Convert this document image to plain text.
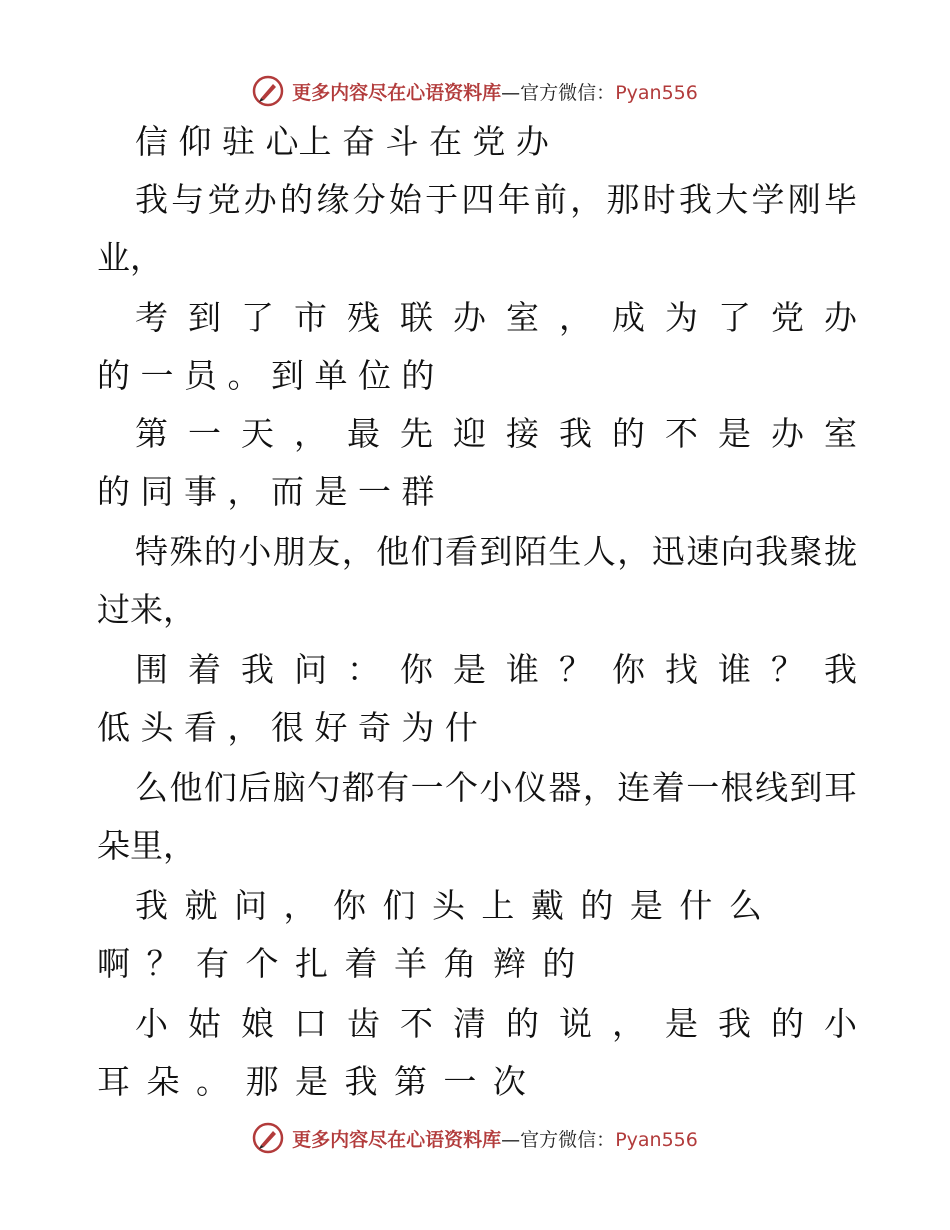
更多内容尽在心语资料库—官方微信：Pyan556
信 仰 驻 心上 奋 斗 在 党 办
我与党办的缘分始于四年前，那时我大学刚毕
业，
考 到 了 市 残 联 办 室 ， 成 为 了 党 办
的 一 员 。 到 单 位 的
第 一 天 ， 最 先 迎 接 我 的 不 是 办 室
的 同 事 ， 而 是 一 群
特殊的小朋友，他们看到陌生人，迅速向我聚拢
过来，
围 着 我 问 ： 你 是 谁 ？ 你 找 谁 ？ 我
低 头 看 ， 很 好 奇 为 什
么他们后脑勺都有一个小仪器，连着一根线到耳
朵里，
我 就 问 ， 你 们 头 上 戴 的 是 什 么
啊 ？ 有 个 扎 着 羊 角 辫 的
小 姑 娘 口 齿 不 清 的 说 ， 是 我 的 小
耳 朵 。 那 是 我 第 一 次
更多内容尽在心语资料库—官方微信：Pyan556
